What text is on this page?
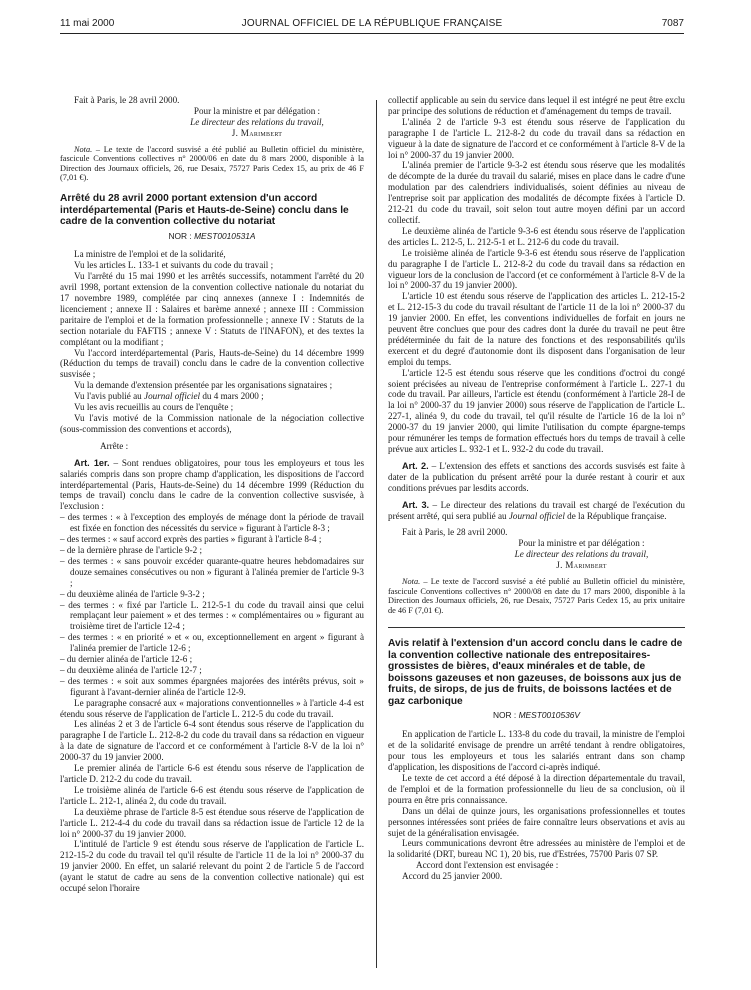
11 mai 2000	JOURNAL OFFICIEL DE LA RÉPUBLIQUE FRANÇAISE	7087

Fait à Paris, le 28 avril 2000.

Pour la ministre et par délégation :

Le directeur des relations du travail,

J. Marimbert

Nota. – Le texte de l'accord susvisé a été publié au Bulletin officiel du ministère, fascicule Conventions collectives n° 2000/06 en date du 8 mars 2000, disponible à la Direction des Journaux officiels, 26, rue Desaix, 75727 Paris Cedex 15, au prix de 46 F (7,01 €).

Arrêté du 28 avril 2000 portant extension d'un accord interdépartemental (Paris et Hauts-de-Seine) conclu dans le cadre de la convention collective du notariat

NOR : MEST0010531A

La ministre de l'emploi et de la solidarité,

Vu les articles L. 133-1 et suivants du code du travail ;

Vu l'arrêté du 15 mai 1990 et les arrêtés successifs, notamment l'arrêté du 20 avril 1998, portant extension de la convention collective nationale du notariat du 17 novembre 1989, complétée par cinq annexes (annexe I : Indemnités de licenciement ; annexe II : Salaires et barème annexé ; annexe III : Commission paritaire de l'emploi et de la formation professionnelle ; annexe IV : Statuts de la section notariale du FAFTIS ; annexe V : Statuts de l'INAFON), et des textes la complétant ou la modifiant ;

Vu l'accord interdépartemental (Paris, Hauts-de-Seine) du 14 décembre 1999 (Réduction du temps de travail) conclu dans le cadre de la convention collective susvisée ;

Vu la demande d'extension présentée par les organisations signataires ;

Vu l'avis publié au Journal officiel du 4 mars 2000 ;

Vu les avis recueillis au cours de l'enquête ;

Vu l'avis motivé de la Commission nationale de la négociation collective (sous-commission des conventions et accords),

Arrête :

Art. 1er. – Sont rendues obligatoires, pour tous les employeurs et tous les salariés compris dans son propre champ d'application, les dispositions de l'accord interdépartemental (Paris, Hauts-de-Seine) du 14 décembre 1999 (Réduction du temps de travail) conclu dans le cadre de la convention collective susvisée, à l'exclusion :

– des termes : « à l'exception des employés de ménage dont la période de travail est fixée en fonction des nécessités du service » figurant à l'article 8-3 ;

– des termes : « sauf accord exprès des parties » figurant à l'article 8-4 ;

– de la dernière phrase de l'article 9-2 ;

– des termes : « sans pouvoir excéder quarante-quatre heures hebdomadaires sur douze semaines consécutives ou non » figurant à l'alinéa premier de l'article 9-3 ;

– du deuxième alinéa de l'article 9-3-2 ;

– des termes : « fixé par l'article L. 212-5-1 du code du travail ainsi que celui remplaçant leur paiement » et des termes : « complémentaires ou » figurant au troisième tiret de l'article 12-4 ;

– des termes : « en priorité » et « ou, exceptionnellement en argent » figurant à l'alinéa premier de l'article 12-6 ;

– du dernier alinéa de l'article 12-6 ;

– du deuxième alinéa de l'article 12-7 ;

– des termes : « soit aux sommes épargnées majorées des intérêts prévus, soit » figurant à l'avant-dernier alinéa de l'article 12-9.

Le paragraphe consacré aux « majorations conventionnelles » à l'article 4-4 est étendu sous réserve de l'application de l'article L. 212-5 du code du travail.

Les alinéas 2 et 3 de l'article 6-4 sont étendus sous réserve de l'application du paragraphe I de l'article L. 212-8-2 du code du travail dans sa rédaction en vigueur à la date de signature de l'accord et ce conformément à l'article 8-V de la loi n° 2000-37 du 19 janvier 2000.

Le premier alinéa de l'article 6-6 est étendu sous réserve de l'application de l'article D. 212-2 du code du travail.

Le troisième alinéa de l'article 6-6 est étendu sous réserve de l'application de l'article L. 212-1, alinéa 2, du code du travail.

La deuxième phrase de l'article 8-5 est étendue sous réserve de l'application de l'article L. 212-4-4 du code du travail dans sa rédaction issue de l'article 12 de la loi n° 2000-37 du 19 janvier 2000.

L'intitulé de l'article 9 est étendu sous réserve de l'application de l'article L. 212-15-2 du code du travail tel qu'il résulte de l'article 11 de la loi n° 2000-37 du 19 janvier 2000. En effet, un salarié relevant du point 2 de l'article 5 de l'accord (ayant le statut de cadre au sens de la convention collective nationale) qui est occupé selon l'horaire

collectif applicable au sein du service dans lequel il est intégré ne peut être exclu par principe des solutions de réduction et d'aménagement du temps de travail.

L'alinéa 2 de l'article 9-3 est étendu sous réserve de l'application du paragraphe I de l'article L. 212-8-2 du code du travail dans sa rédaction en vigueur à la date de signature de l'accord et ce conformément à l'article 8-V de la loi n° 2000-37 du 19 janvier 2000.

L'alinéa premier de l'article 9-3-2 est étendu sous réserve que les modalités de décompte de la durée du travail du salarié, mises en place dans le cadre d'une modulation par des calendriers individualisés, soient définies au niveau de l'entreprise soit par application des modalités de décompte fixées à l'article D. 212-21 du code du travail, soit selon tout autre moyen défini par un accord collectif.

Le deuxième alinéa de l'article 9-3-6 est étendu sous réserve de l'application des articles L. 212-5, L. 212-5-1 et L. 212-6 du code du travail.

Le troisième alinéa de l'article 9-3-6 est étendu sous réserve de l'application du paragraphe I de l'article L. 212-8-2 du code du travail dans sa rédaction en vigueur lors de la conclusion de l'accord (et ce conformément à l'article 8-V de la loi n° 2000-37 du 19 janvier 2000).

L'article 10 est étendu sous réserve de l'application des articles L. 212-15-2 et L. 212-15-3 du code du travail résultant de l'article 11 de la loi n° 2000-37 du 19 janvier 2000. En effet, les conventions individuelles de forfait en jours ne peuvent être conclues que pour des cadres dont la durée du travail ne peut être prédéterminée du fait de la nature des fonctions et des responsabilités qu'ils exercent et du degré d'autonomie dont ils disposent dans l'organisation de leur emploi du temps.

L'article 12-5 est étendu sous réserve que les conditions d'octroi du congé soient précisées au niveau de l'entreprise conformément à l'article L. 227-1 du code du travail. Par ailleurs, l'article est étendu (conformément à l'article 28-I de la loi n° 2000-37 du 19 janvier 2000) sous réserve de l'application de l'article L. 227-1, alinéa 9, du code du travail, tel qu'il résulte de l'article 16 de la loi n° 2000-37 du 19 janvier 2000, qui limite l'utilisation du compte épargne-temps pour rémunérer les temps de formation effectués hors du temps de travail à celle prévue aux articles L. 932-1 et L. 932-2 du code du travail.

Art. 2. – L'extension des effets et sanctions des accords susvisés est faite à dater de la publication du présent arrêté pour la durée restant à courir et aux conditions prévues par lesdits accords.

Art. 3. – Le directeur des relations du travail est chargé de l'exécution du présent arrêté, qui sera publié au Journal officiel de la République française.

Fait à Paris, le 28 avril 2000.

Pour la ministre et par délégation :

Le directeur des relations du travail,

J. Marimbert

Nota. – Le texte de l'accord susvisé a été publié au Bulletin officiel du ministère, fascicule Conventions collectives n° 2000/08 en date du 17 mars 2000, disponible à la Direction des Journaux officiels, 26, rue Desaix, 75727 Paris Cedex 15, au prix unitaire de 46 F (7,01 €).

Avis relatif à l'extension d'un accord conclu dans le cadre de la convention collective nationale des entrepositaires-grossistes de bières, d'eaux minérales et de table, de boissons gazeuses et non gazeuses, de boissons aux jus de fruits, de sirops, de jus de fruits, de boissons lactées et de gaz carbonique

NOR : MEST0010536V

En application de l'article L. 133-8 du code du travail, la ministre de l'emploi et de la solidarité envisage de prendre un arrêté tendant à rendre obligatoires, pour tous les employeurs et tous les salariés entrant dans son champ d'application, les dispositions de l'accord ci-après indiqué.

Le texte de cet accord a été déposé à la direction départementale du travail, de l'emploi et de la formation professionnelle du lieu de sa conclusion, où il pourra en être pris connaissance.

Dans un délai de quinze jours, les organisations professionnelles et toutes personnes intéressées sont priées de faire connaître leurs observations et avis au sujet de la généralisation envisagée.

Leurs communications devront être adressées au ministère de l'emploi et de la solidarité (DRT, bureau NC 1), 20 bis, rue d'Estrées, 75700 Paris 07 SP.

Accord dont l'extension est envisagée :

Accord du 25 janvier 2000.
